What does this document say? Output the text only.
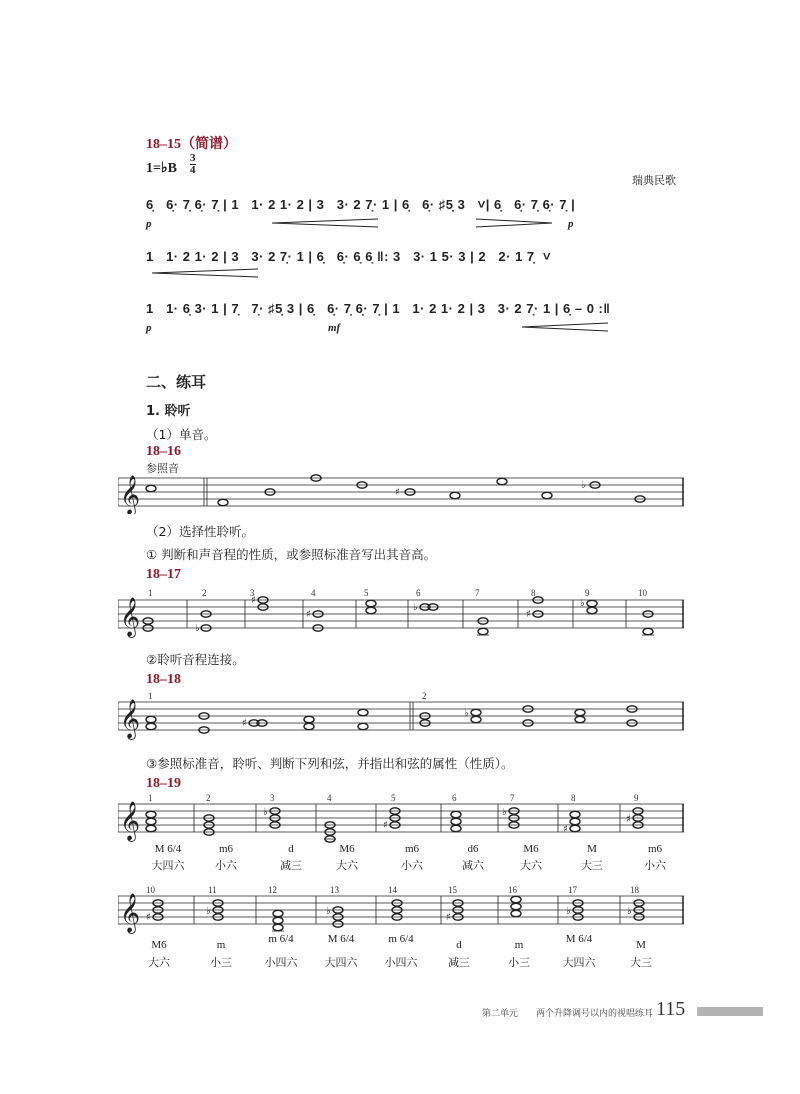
18–15（简谱）
1=♭B
3
4
瑞典民歌
6̣   6̣· 7̣ 6̣· 7̣ | 1   1· 2 1· 2 | 3   3· 2 7̣· 1 | 6̣   6̣· ♯5̣ 3   ˅| 6̣   6̣· 7̣ 6̣· 7̣ |
p	p
1   1· 2 1· 2 | 3   3· 2 7̣· 1 | 6̣   6̣· 6̣ 6̣ ‖: 3   3· 1 5· 3 | 2   2· 1 7̣  ˅
1   1· 6̣ 3· 1 | 7̣   7̣· ♯5̣ 3 | 6̣   6̣· 7̣ 6̣· 7̣ | 1   1· 2 1· 2 | 3   3· 2 7̣· 1 | 6̣ – 0 :‖
p	mf
二、练耳
1. 聆听
（1）单音。
18–16
参照音
𝄞	♯
♭
（2）选择性聆听。
① 判断和声音程的性质，或参照标准音写出其音高。
18–17
𝄞
1	2	3	4	5	6	7	8	9	10
♭
♯
♯
♭
♯
♭
②聆听音程连接。
18–18
𝄞
1	2
♯
♭
③参照标准音，聆听、判断下列和弦，并指出和弦的属性（性质）。
18–19
𝄞
1	2	3	4	5	6	7	8	9
♭
♯
♭
♯
♯
M 6/4	m6	d	M6	m6	d6	M6	M	m6
大四六	小六	减三	大六	小六	减六	大六	大三	小六
𝄞
10	11	12	13	14	15	16	17	18
♯
♭	♭
♯
♭	♭
M6	m	m 6/4	M 6/4	m 6/4	d	m	M 6/4	M
大六	小三	小四六	大四六	小四六	减三	小三	大四六	大三
第二单元 两个升降调号以内的视唱练耳 115
